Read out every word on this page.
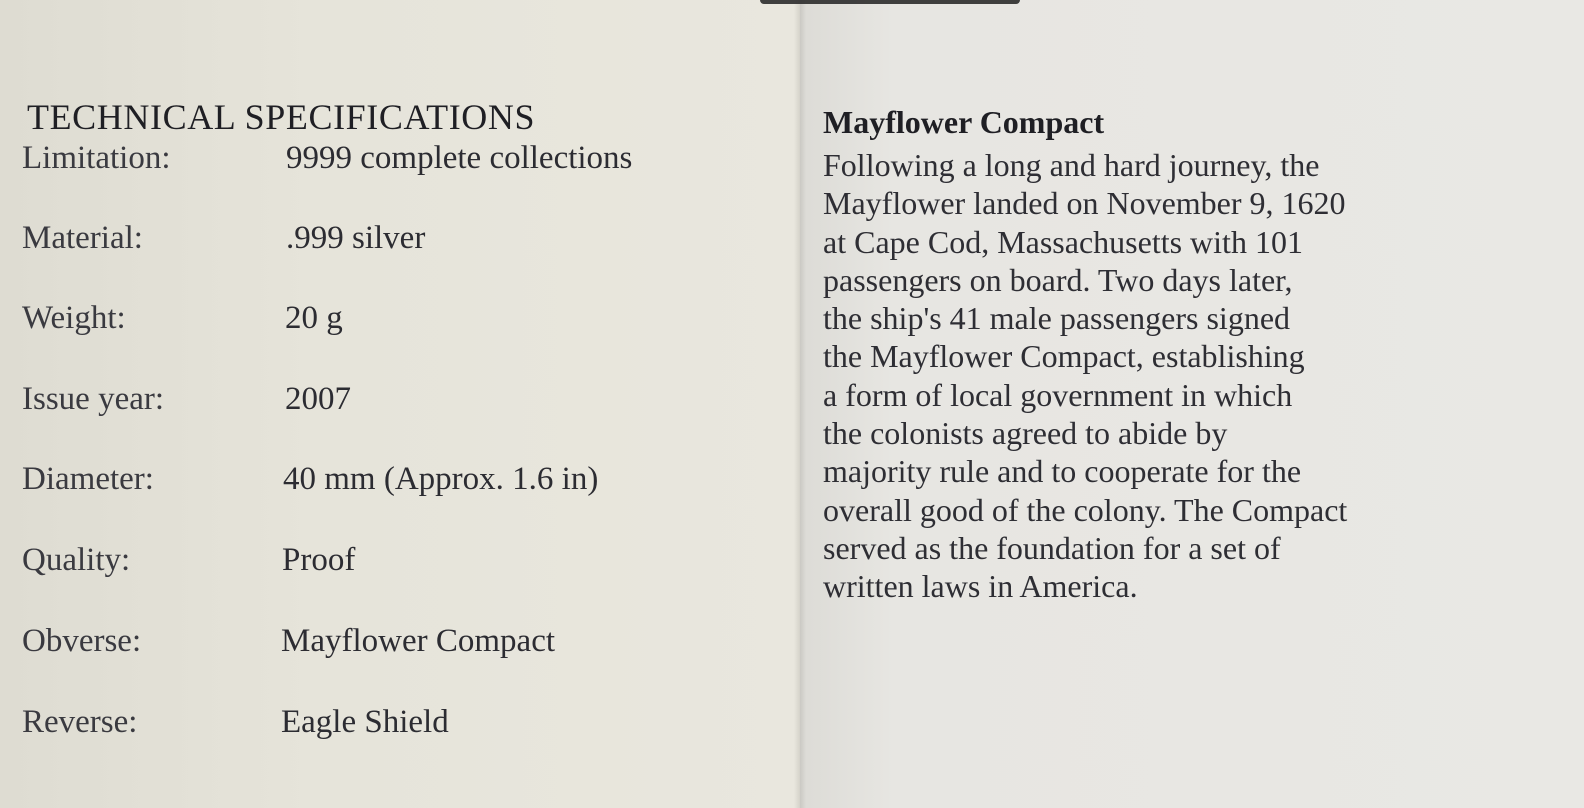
TECHNICAL SPECIFICATIONS
Limitation:	9999 complete collections
Material:	.999 silver
Weight:	20 g
Issue year:	2007
Diameter:	40 mm (Approx. 1.6 in)
Quality:	Proof
Obverse:	Mayflower Compact
Reverse:	Eagle Shield
Mayflower Compact
Following a long and hard journey, the
Mayflower landed on November 9, 1620
at Cape Cod, Massachusetts with 101
passengers on board. Two days later,
the ship's 41 male passengers signed
the Mayflower Compact, establishing
a form of local government in which
the colonists agreed to abide by
majority rule and to cooperate for the
overall good of the colony. The Compact
served as the foundation for a set of
written laws in America.
